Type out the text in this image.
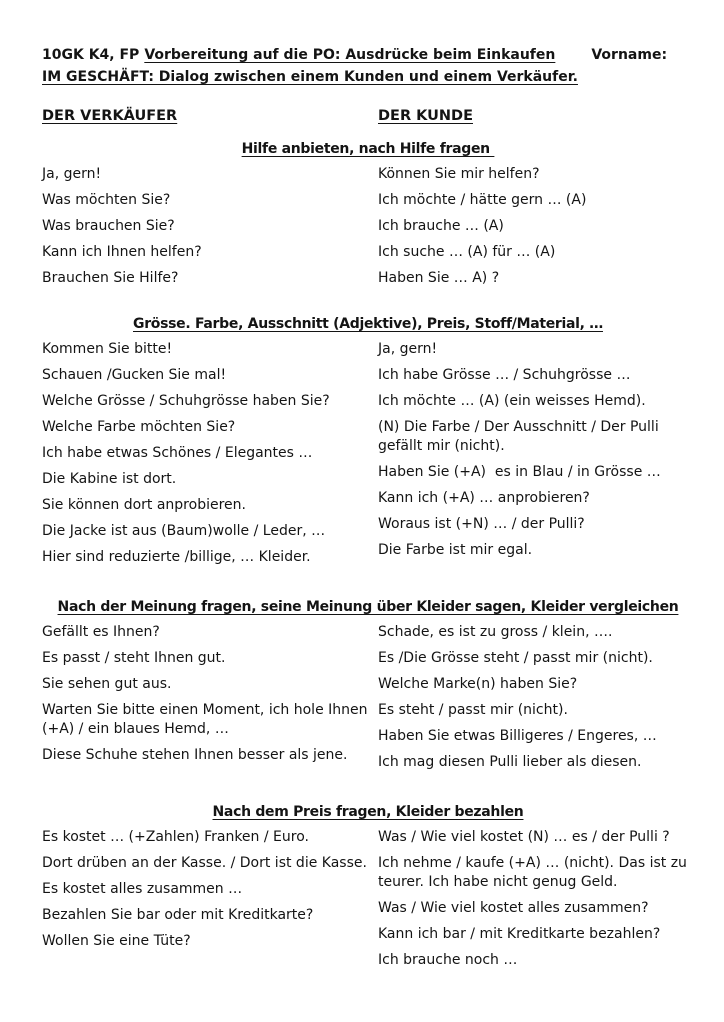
10GK K4, FP Vorbereitung auf die PO: Ausdrücke beim Einkaufen	Vorname:
IM GESCHÄFT: Dialog zwischen einem Kunden und einem Verkäufer.
DER VERKÄUFER	DER KUNDE
Hilfe anbieten, nach Hilfe fragen

Ja, gern!

Was möchten Sie?

Was brauchen Sie?

Kann ich Ihnen helfen?

Brauchen Sie Hilfe?

Können Sie mir helfen?

Ich möchte / hätte gern … (A)

Ich brauche … (A)

Ich suche … (A) für … (A)

Haben Sie … A) ?

Grösse. Farbe, Ausschnitt (Adjektive), Preis, Stoff/Material, …

Kommen Sie bitte!

Schauen /Gucken Sie mal!

Welche Grösse / Schuhgrösse haben Sie?

Welche Farbe möchten Sie?

Ich habe etwas Schönes / Elegantes …

Die Kabine ist dort.

Sie können dort anprobieren.

Die Jacke ist aus (Baum)wolle / Leder, …

Hier sind reduzierte /billige, … Kleider.

Ja, gern!

Ich habe Grösse … / Schuhgrösse …

Ich möchte … (A) (ein weisses Hemd).

(N) Die Farbe / Der Ausschnitt / Der Pulli gefällt mir (nicht).

Haben Sie (+A)  es in Blau / in Grösse …

Kann ich (+A) … anprobieren?

Woraus ist (+N) … / der Pulli?

Die Farbe ist mir egal.

Nach der Meinung fragen, seine Meinung über Kleider sagen, Kleider vergleichen

Gefällt es Ihnen?

Es passt / steht Ihnen gut.

Sie sehen gut aus.

Warten Sie bitte einen Moment, ich hole Ihnen (+A) / ein blaues Hemd, …

Diese Schuhe stehen Ihnen besser als jene.

Schade, es ist zu gross / klein, ….

Es /Die Grösse steht / passt mir (nicht).

Welche Marke(n) haben Sie?

Es steht / passt mir (nicht).

Haben Sie etwas Billigeres / Engeres, …

Ich mag diesen Pulli lieber als diesen.

Nach dem Preis fragen, Kleider bezahlen

Es kostet … (+Zahlen) Franken / Euro.

Dort drüben an der Kasse. / Dort ist die Kasse.

Es kostet alles zusammen …

Bezahlen Sie bar oder mit Kreditkarte?

Wollen Sie eine Tüte?

Was / Wie viel kostet (N) … es / der Pulli ?

Ich nehme / kaufe (+A) … (nicht). Das ist zu teurer. Ich habe nicht genug Geld.

Was / Wie viel kostet alles zusammen?

Kann ich bar / mit Kreditkarte bezahlen?

Ich brauche noch …
